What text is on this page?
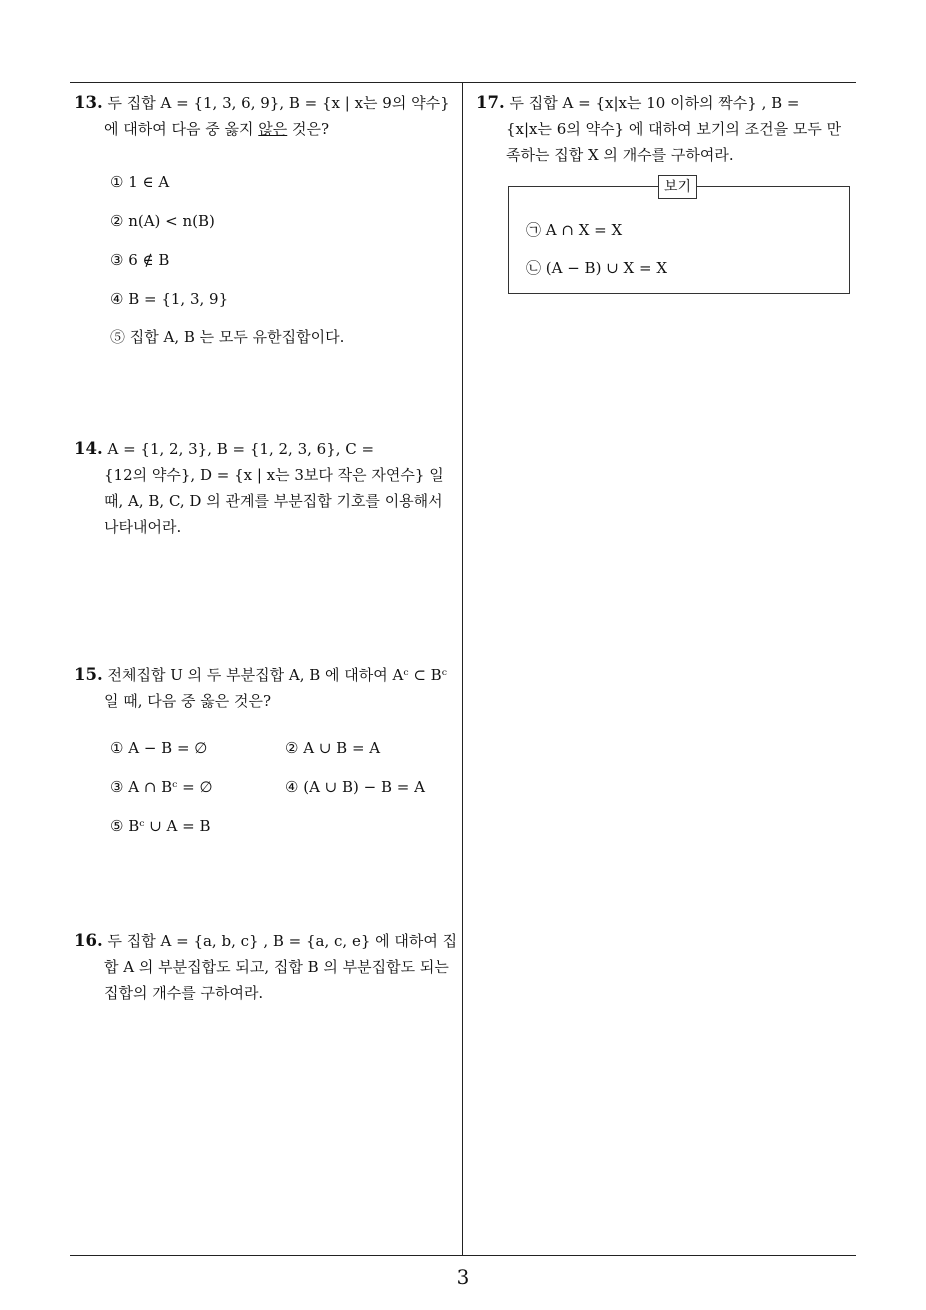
13. 두 집합 A = {1, 3, 6, 9}, B = {x | x는 9의 약수}
에 대하여 다음 중 옳지 않은 것은?
① 1 ∈ A
② n(A) < n(B)
③ 6 ∉ B
④ B = {1, 3, 9}
⑤ 집합 A, B 는 모두 유한집합이다.
14. A = {1, 2, 3}, B = {1, 2, 3, 6}, C =
{12의 약수}, D = {x | x는 3보다 작은 자연수} 일
때, A, B, C, D 의 관계를 부분집합 기호를 이용해서
나타내어라.
15. 전체집합 U 의 두 부분집합 A, B 에 대하여 Aᶜ ⊂ Bᶜ
일 때, 다음 중 옳은 것은?
① A − B = ∅	② A ∪ B = A
③ A ∩ Bᶜ = ∅	④ (A ∪ B) − B = A
⑤ Bᶜ ∪ A = B
16. 두 집합 A = {a, b, c} , B = {a, c, e} 에 대하여 집
합 A 의 부분집합도 되고, 집합 B 의 부분집합도 되는
집합의 개수를 구하여라.
17. 두 집합 A = {x|x는 10 이하의 짝수} , B =
{x|x는 6의 약수} 에 대하여 보기의 조건을 모두 만
족하는 집합 X 의 개수를 구하여라.
보기
㉠ A ∩ X = X
㉡ (A − B) ∪ X = X
3
